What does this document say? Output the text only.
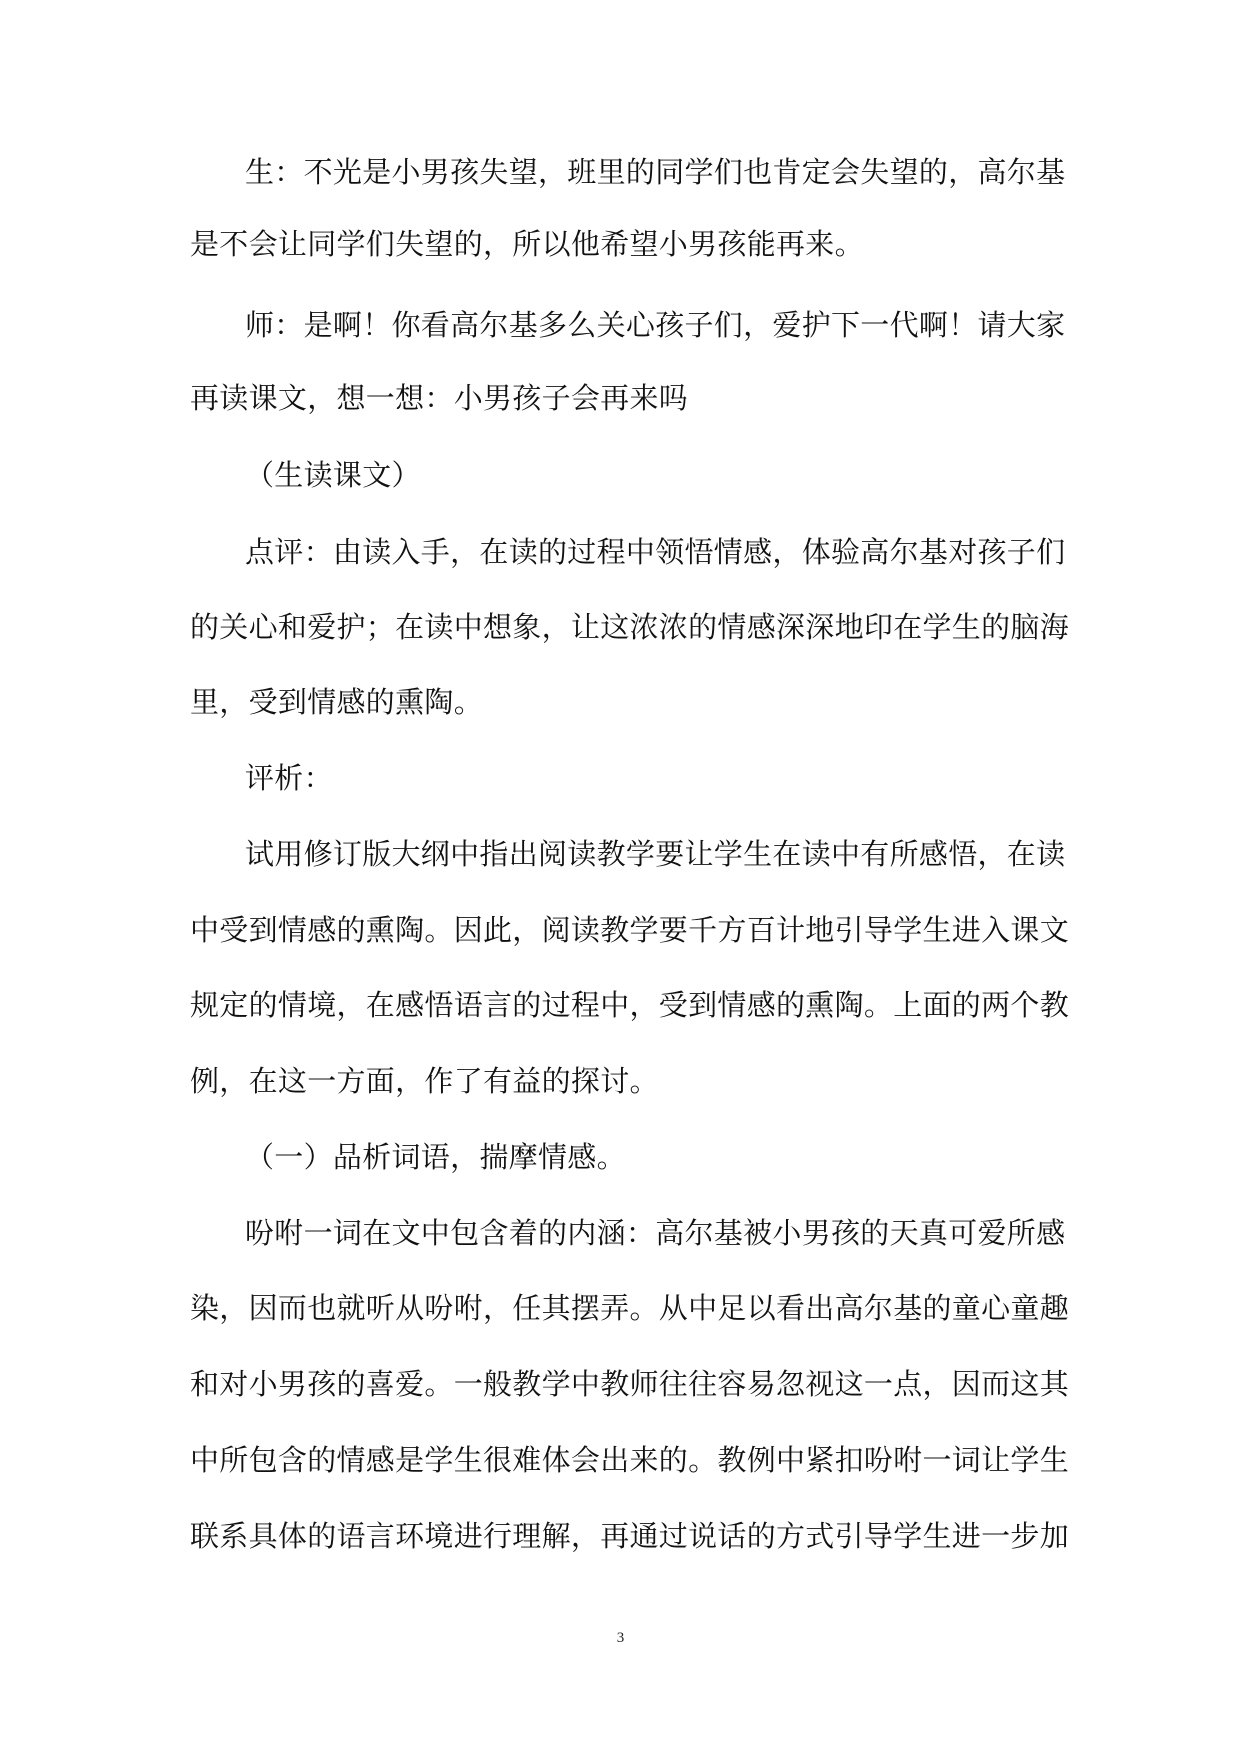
生：不光是小男孩失望，班里的同学们也肯定会失望的，高尔基
是不会让同学们失望的，所以他希望小男孩能再来。
师：是啊！你看高尔基多么关心孩子们，爱护下一代啊！请大家
再读课文，想一想：小男孩子会再来吗
（生读课文）
点评：由读入手，在读的过程中领悟情感，体验高尔基对孩子们
的关心和爱护；在读中想象，让这浓浓的情感深深地印在学生的脑海
里，受到情感的熏陶。
评析：
试用修订版大纲中指出阅读教学要让学生在读中有所感悟，在读
中受到情感的熏陶。因此，阅读教学要千方百计地引导学生进入课文
规定的情境，在感悟语言的过程中，受到情感的熏陶。上面的两个教
例，在这一方面，作了有益的探讨。
（一）品析词语，揣摩情感。
吩咐一词在文中包含着的内涵：高尔基被小男孩的天真可爱所感
染，因而也就听从吩咐，任其摆弄。从中足以看出高尔基的童心童趣
和对小男孩的喜爱。一般教学中教师往往容易忽视这一点，因而这其
中所包含的情感是学生很难体会出来的。教例中紧扣吩咐一词让学生
联系具体的语言环境进行理解，再通过说话的方式引导学生进一步加
3
